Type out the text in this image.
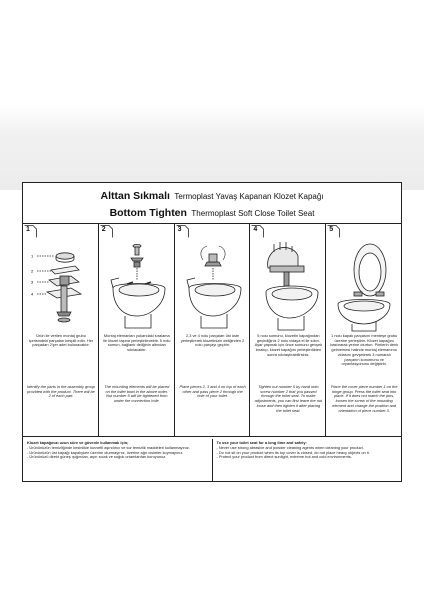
Alttan Sıkmalı Termoplast Yavaş Kapanan Klozet Kapağı
Bottom Tighten Thermoplast Soft Close Toilet Seat
1
1
2
3
4
Ürün ile verilen montaj grubu içerisindeki parçaları kesplit edin. Her parçadan 2'şer adet bulunacaktır.
Identify the parts in the assembly group provided with the product. There will be 2 of each part.
2
Montaj elemanları yukarıdaki sıralama ile klozet taşına yerleştirilecektir. 5 nolu somun, bağlantı deliğinin altından sıkılacaktır.
The mounting elements will be placed on the toilet bowl in the above order. Nut number 5 will be tightened from under the connection hole.
3
2,3 ve 4 nolu parçaları üst üste yerleştirerek klozetinizin deliğinden 2 nolu parçayı geçirin.
Place pieces 2, 3 and 4 on top of each other and pass piece 2 through the hole of your toilet.
4
5 nolu somunu, klozetin kapağından geçirdiğiniz 2 nolu vidaya el ile sıkın. Ayar yapmak için önce somunu gevşek bırakıp, klozet kapağını yerleştirdikten sonra sıkılaştırabilirsiniz.
Tighten nut number 5 by hand onto screw number 2 that you passed through the toilet seat. To make adjustments, you can first leave the nut loose and then tighten it after placing the toilet seat.
5
1 nolu kapak parçasını menteşe grubu üzerine yerleştirin. Klozet kapağını bastırarak yerine oturtun. Pimlerin denk gelmemesi halinde montaj elemanının vidasını gevşeterek 3 numaralı parçanın konumunu ve oryantasyonunu değiştirin.
Place the cover piece number 1 on the hinge group. Press the toilet seat into place. If it does not match the pins, loosen the screw of the mounting element and change the position and orientation of piece number 3.

Klozet kapağınızı uzun süre ve güvenle kullanmak için;

- Ürününüzün temizliğinde kesinlikle kuvvetli aşındırıcı ve toz temizlik maddeleri kullanmayınız.

- Ürününüzün üst kapağı kapalıyken üzerine oturmayınız, üzerine ağır cisimler koymayınız.

- Ürününüzü direkt güneş ışığından, aşırı sıcak ve soğuk ortamlardan koruyunuz.

To use your toilet seat for a long time and safely:

- Never use strong abrasive and powder cleaning agents when cleaning your product.

- Do not sit on your product when its top cover is closed, do not place heavy objects on it.

- Protect your product from direct sunlight, extreme hot and cold environments.
